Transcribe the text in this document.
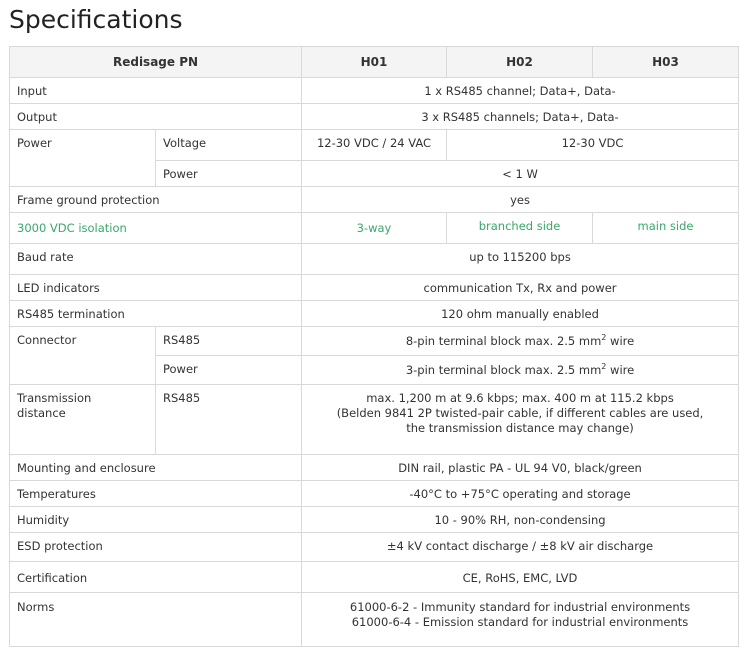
Specifications
Redisage PN		H01	H02	H03
Input		1 x RS485 channel; Data+, Data-		
Output		3 x RS485 channels; Data+, Data-		
Power	Voltage	12-30 VDC / 24 VAC	12-30 VDC	
	Power	< 1 W		
Frame ground protection		yes		
3000 VDC isolation		3-way	branched side	main side
Baud rate		up to 115200 bps		
LED indicators		communication Tx, Rx and power		
RS485 termination		120 ohm manually enabled		
Connector	RS485	8-pin terminal block max. 2.5 $mm^2$ wire		
	Power	3-pin terminal block max. 2.5 $mm^2$ wire		
Transmission
distance	RS485	max. 1,200 m at 9.6 kbps; max. 400 m at 115.2 kbps
(Belden 9841 2P twisted-pair cable, if different cables are used,
the transmission distance may change)		
Mounting and enclosure		DIN rail, plastic PA - UL 94 V0, black/green		
Temperatures		-40°C to +75°C operating and storage		
Humidity		10 - 90% RH, non-condensing		
ESD protection		±4 kV contact discharge / ±8 kV air discharge		
Certification		CE, RoHS, EMC, LVD		
Norms		61000-6-2 - Immunity standard for industrial environments
61000-6-4 - Emission standard for industrial environments		
